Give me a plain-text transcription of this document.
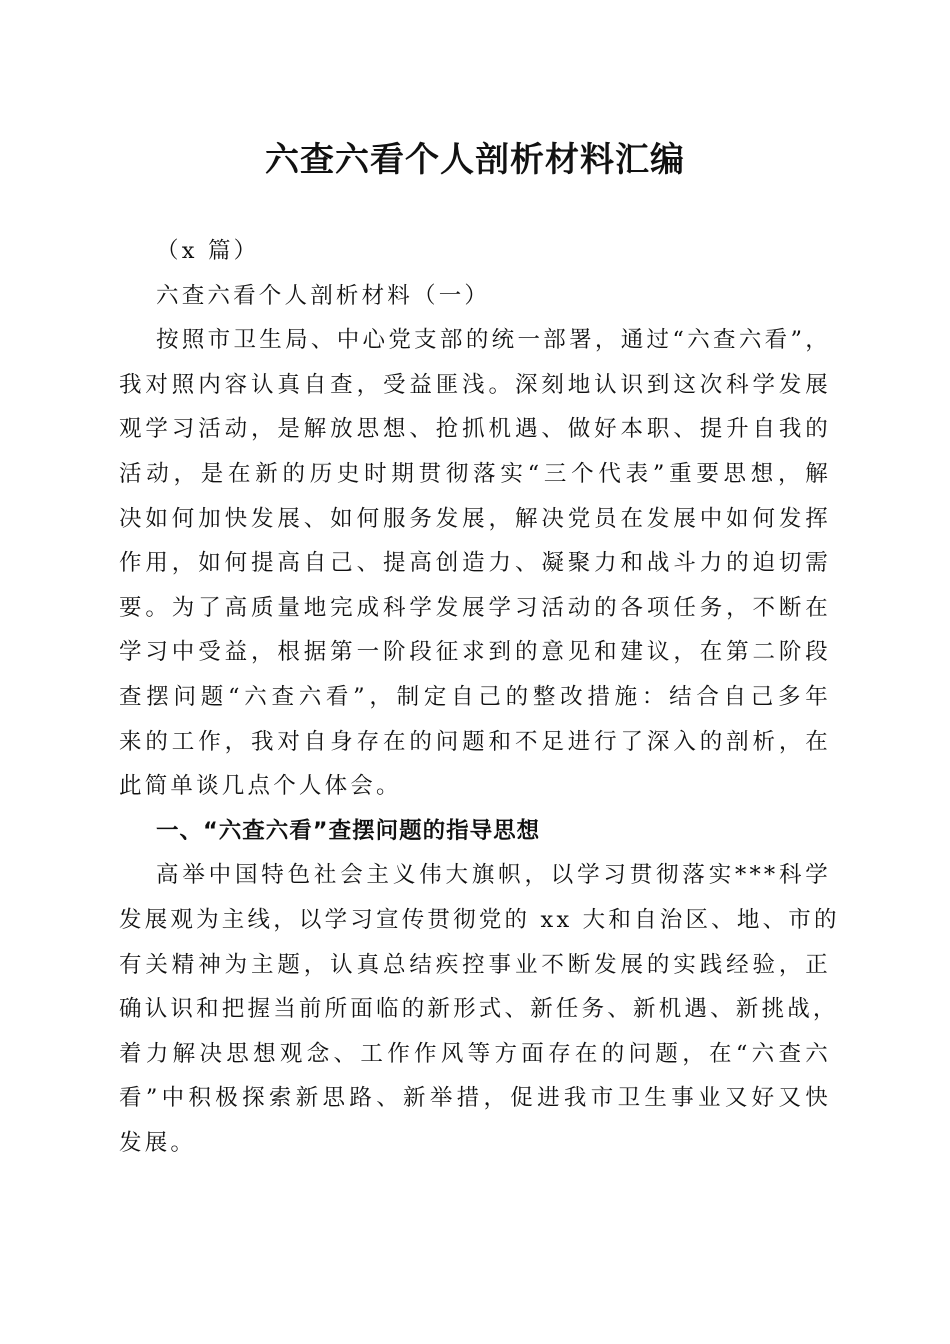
六查六看个人剖析材料汇编
（x 篇）
六查六看个人剖析材料（一）
按照市卫生局、中心党支部的统一部署，通过“六查六看”，
我对照内容认真自查，受益匪浅。深刻地认识到这次科学发展
观学习活动，是解放思想、抢抓机遇、做好本职、提升自我的
活动，是在新的历史时期贯彻落实“三个代表”重要思想，解
决如何加快发展、如何服务发展，解决党员在发展中如何发挥
作用，如何提高自己、提高创造力、凝聚力和战斗力的迫切需
要。为了高质量地完成科学发展学习活动的各项任务，不断在
学习中受益，根据第一阶段征求到的意见和建议，在第二阶段
查摆问题“六查六看”，制定自己的整改措施：结合自己多年
来的工作，我对自身存在的问题和不足进行了深入的剖析，在
此简单谈几点个人体会。
一、“六查六看”查摆问题的指导思想
高举中国特色社会主义伟大旗帜，以学习贯彻落实***科学
发展观为主线，以学习宣传贯彻党的 xx 大和自治区、地、市的
有关精神为主题，认真总结疾控事业不断发展的实践经验，正
确认识和把握当前所面临的新形式、新任务、新机遇、新挑战，
着力解决思想观念、工作作风等方面存在的问题，在“六查六
看”中积极探索新思路、新举措，促进我市卫生事业又好又快
发展。
